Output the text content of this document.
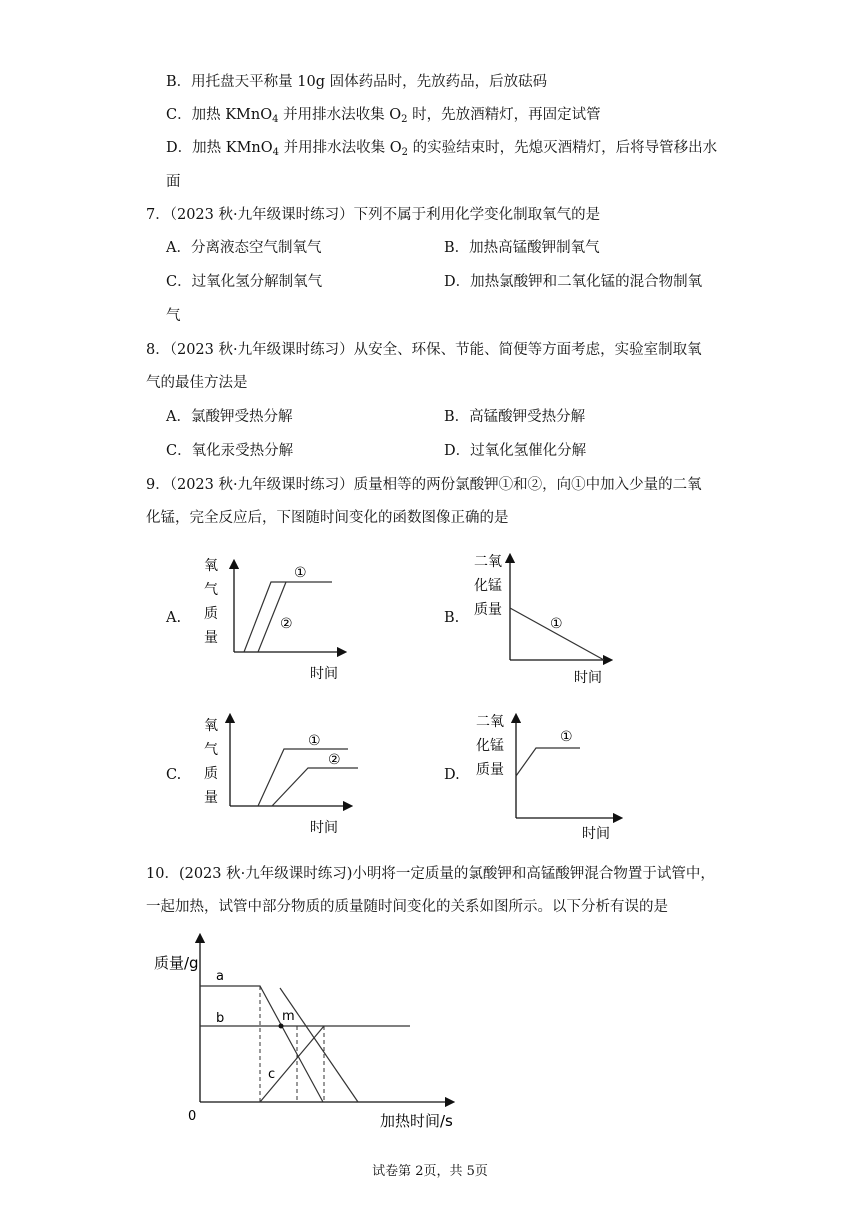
B．用托盘天平称量 10g 固体药品时，先放药品，后放砝码
C．加热 KMnO$_4$ 并用排水法收集 $O_2$ 时，先放酒精灯，再固定试管
D．加热 KMnO$_4$ 并用排水法收集 $O_2$ 的实验结束时，先熄灭酒精灯，后将导管移出水
面
7．（2023 秋·九年级课时练习）下列不属于利用化学变化制取氧气的是
A．分离液态空气制氧气	B．加热高锰酸钾制氧气
C．过氧化氢分解制氧气	D．加热氯酸钾和二氧化锰的混合物制氧
气
8．（2023 秋·九年级课时练习）从安全、环保、节能、简便等方面考虑，实验室制取氧
气的最佳方法是
A．氯酸钾受热分解	B．高锰酸钾受热分解
C．氧化汞受热分解	D．过氧化氢催化分解
9．（2023 秋·九年级课时练习）质量相等的两份氯酸钾①和②，向①中加入少量的二氧
化锰，完全反应后，下图随时间变化的函数图像正确的是
A.	B.
C.	D.
氧
气
质
量
①
②
时间
二氧
化锰
质量
①
时间
氧
气
质
量
①
②
时间
二氧
化锰
质量
①
时间
10．(2023 秋·九年级课时练习)小明将一定质量的氯酸钾和高锰酸钾混合物置于试管中，
一起加热，试管中部分物质的质量随时间变化的关系如图所示。以下分析有误的是
质量/g
a
b
c
m
0	加热时间/s
试卷第 2页，共 5页
